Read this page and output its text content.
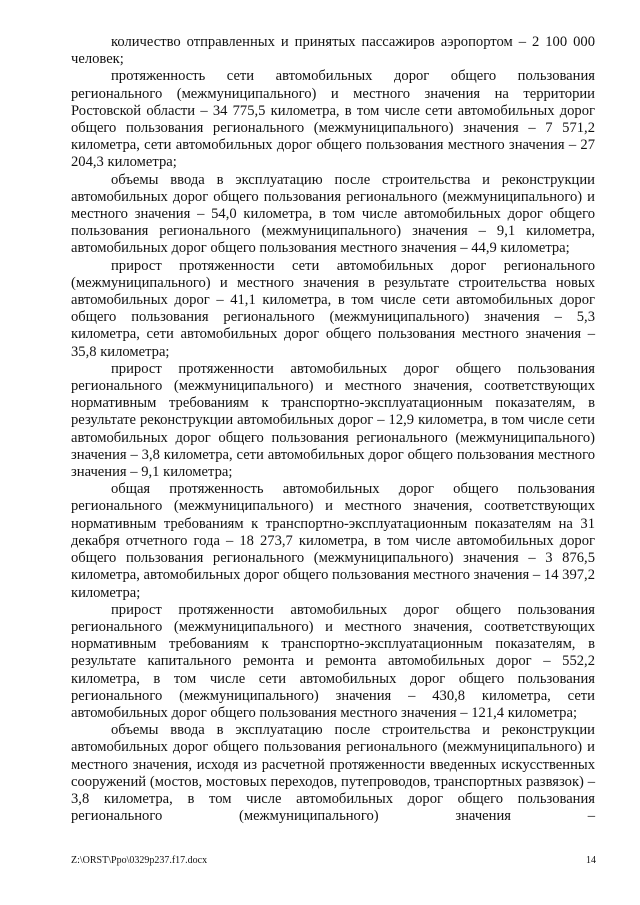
количество отправленных и принятых пассажиров аэропортом – 2 100 000 человек;

протяженность сети автомобильных дорог общего пользования регионального (межмуниципального) и местного значения на территории Ростовской области – 34 775,5 километра, в том числе сети автомобильных дорог общего пользования регионального (межмуниципального) значения – 7 571,2 километра, сети автомобильных дорог общего пользования местного значения – 27 204,3 километра;

объемы ввода в эксплуатацию после строительства и реконструкции автомобильных дорог общего пользования регионального (межмуниципального) и местного значения – 54,0 километра, в том числе автомобильных дорог общего пользования регионального (межмуниципального) значения – 9,1 километра, автомобильных дорог общего пользования местного значения – 44,9 километра;

прирост протяженности сети автомобильных дорог регионального (межмуниципального) и местного значения в результате строительства новых автомобильных дорог – 41,1 километра, в том числе сети автомобильных дорог общего пользования регионального (межмуниципального) значения – 5,3 километра, сети автомобильных дорог общего пользования местного значения – 35,8 километра;

прирост протяженности автомобильных дорог общего пользования регионального (межмуниципального) и местного значения, соответствующих нормативным требованиям к транспортно-эксплуатационным показателям, в результате реконструкции автомобильных дорог – 12,9 километра, в том числе сети автомобильных дорог общего пользования регионального (межмуниципального) значения – 3,8 километра, сети автомобильных дорог общего пользования местного значения – 9,1 километра;

общая протяженность автомобильных дорог общего пользования регионального (межмуниципального) и местного значения, соответствующих нормативным требованиям к транспортно-эксплуатационным показателям на 31 декабря отчетного года – 18 273,7 километра, в том числе автомобильных дорог общего пользования регионального (межмуниципального) значения – 3 876,5 километра, автомобильных дорог общего пользования местного значения – 14 397,2 километра;

прирост протяженности автомобильных дорог общего пользования регионального (межмуниципального) и местного значения, соответствующих нормативным требованиям к транспортно-эксплуатационным показателям, в результате капитального ремонта и ремонта автомобильных дорог – 552,2 километра, в том числе сети автомобильных дорог общего пользования регионального (межмуниципального) значения – 430,8 километра, сети автомобильных дорог общего пользования местного значения – 121,4 километра;

объемы ввода в эксплуатацию после строительства и реконструкции автомобильных дорог общего пользования регионального (межмуниципального) и местного значения, исходя из расчетной протяженности введенных искусственных сооружений (мостов, мостовых переходов, путепроводов, транспортных развязок) – 3,8 километра, в том числе автомобильных дорог общего пользования регионального (межмуниципального) значения –

Z:\ORST\Ppo\0329p237.f17.docx	14
